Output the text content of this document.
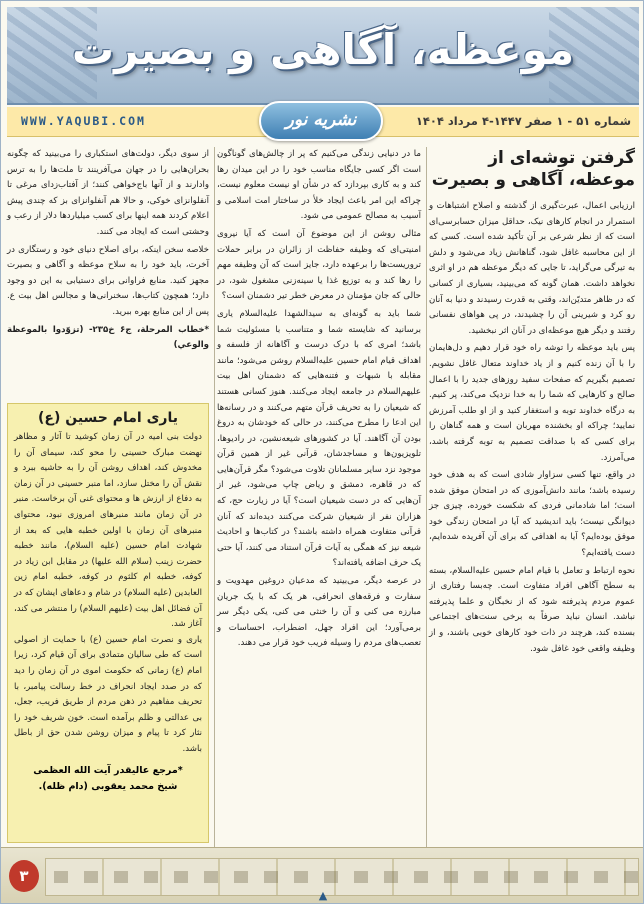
موعظه، آگاهی و بصیرت
شماره ۵۱ - ۱ صفر ۱۴۴۷-۴ مرداد ۱۴۰۴
WWW.YAQUBI.COM	نشریه نور
گرفتن توشه‌ای از موعظه، آگاهی و بصیرت

ارزیابی اعمال، عبرت‌گیری از گذشته و اصلاح اشتباهات و استمرار در انجام کارهای نیک، حداقل میزان حسابرسی‌ای است که از نظر شرعی بر آن تأکید شده است. کسی که از این محاسبه غافل شود، گناهانش زیاد می‌شود و دلش به تیرگی می‌گراید، تا جایی که دیگر موعظه هم در او اثری نخواهد داشت. همان گونه که می‌بینید، بسیاری از کسانی که در ظاهر متدیّن‌اند، وقتی به قدرت رسیدند و دنیا به آنان رو کرد و شیرینی آن را چشیدند، در پی هواهای نفسانی رفتند و دیگر هیچ موعظه‌ای در آنان اثر نبخشید.

پس باید موعظه را توشه راه خود قرار دهیم و دل‌هایمان را با آن زنده کنیم و از یاد خداوند متعال غافل نشویم. تصمیم بگیریم که صفحات سفید روزهای جدید را با اعمال صالح و کارهایی که شما را به خدا نزدیک می‌کند، پر کنیم. به درگاه خداوند توبه و استغفار کنید و از او طلب آمرزش نمایید؛ چراکه او بخشنده مهربان است و همه گناهان را برای کسی که با صداقت تصمیم به توبه گرفته باشد، می‌آمرزد.

در واقع، تنها کسی سزاوار شادی است که به هدف خود رسیده باشد؛ مانند دانش‌آموزی که در امتحان موفق شده است؛ اما شادمانی فردی که شکست خورده، چیزی جز دیوانگی نیست؛ باید اندیشید که آیا در امتحان زندگی خود موفق بوده‌ایم؟ آیا به اهدافی که برای آن آفریده شده‌ایم، دست یافته‌ایم؟

نحوه ارتباط و تعامل با قیام امام حسین علیه‌السلام، بسته به سطح آگاهی افراد متفاوت است. چه‌بسا رفتاری از عموم مردم پذیرفته شود که از نخبگان و علما پذیرفته نباشد. انسان نباید صرفاً به برخی سنت‌های اجتماعی بسنده کند، هرچند در ذات خود کارهای خوبی باشند، و از وظیفه واقعی خود غافل شود.

ما در دنیایی زندگی می‌کنیم که پر از چالش‌های گوناگون است اگر کسی جایگاه مناسب خود را در این میدان رها کند و به کاری بپردازد که در شأن او نیست معلوم نیست، چراکه این امر باعث ایجاد خلأ در ساختار امت اسلامی و آسیب به مصالح عمومی می شود.

مثالی روشن از این موضوع آن است که آیا نیروی امنیتی‌ای که وظیفه حفاظت از زائران در برابر حملات تروریست‌ها را برعهده دارد، جایز است که آن وظیفه مهم را رها کند و به توزیع غذا یا سینه‌زنی مشغول شود، در حالی که جان مؤمنان در معرض خطر تیر دشمنان است؟

شما باید به گونه‌ای به سیدالشهدا علیه‌السلام یاری برسانید که شایسته شما و متناسب با مسئولیت شما باشد؛ امری که با درک درست و آگاهانه از فلسفه و اهداف قیام امام حسین علیه‌السلام روشن می‌شود؛ مانند مقابله با شبهات و فتنه‌هایی که دشمنان اهل بیت علیهم‌السلام در جامعه ایجاد می‌کنند. هنوز کسانی هستند که شیعیان را به تحریف قرآن متهم می‌کنند و در رسانه‌ها این ادعا را مطرح می‌کنند، در حالی که خودشان به دروغ بودن آن آگاهند. آیا در کشورهای شیعه‌نشین، در رادیوها، تلویزیون‌ها و مساجدشان، قرآنی غیر از همین قرآن موجود نزد سایر مسلمانان تلاوت می‌شود؟ مگر قرآن‌هایی که در قاهره، دمشق و ریاض چاپ می‌شود، غیر از آن‌هایی که در دست شیعیان است؟ آیا در زیارت حج، که هزاران نفر از شیعیان شرکت می‌کنند دیده‌اند که آنان قرآنی متفاوت همراه داشته باشند؟ در کتاب‌ها و احادیث شیعه نیز که همگی به آیات قرآن استناد می کنند، آیا حتی یک حرف اضافه یافته‌اند؟

در عرصه دیگر، می‌بینید که مدعیان دروغین مهدویت و سفارت و فرقه‌های انحرافی، هر یک که با یک جریان مبارزه می کنی و آن را خنثی می کنی، یکی دیگر سر برمی‌آورد؛ این افراد جهل، اضطراب، احساسات و تعصب‌های مردم را وسیله فریب خود قرار می دهند.

از سوی دیگر، دولت‌های استکباری را می‌بینید که چگونه بحران‌هایی را در جهان می‌آفرینند تا ملت‌ها را به ترس وادارند و از آنها باج‌خواهی کنند؛ از آفتاب‌زدای مرغی تا آنفلوانزای خوکی، و حالا هم آنفلوانزای بز که چندی پیش اعلام کردند همه اینها برای کسب میلیاردها دلار از رعب و وحشتی است که ایجاد می کنند.

خلاصه سخن اینکه، برای اصلاح دنیای خود و رستگاری در آخرت، باید خود را به سلاح موعظه و آگاهی و بصیرت مجهز کنید. منابع فراوانی برای دستیابی به این دو وجود دارد؛ همچون کتاب‌ها، سخنرانی‌ها و مجالس اهل بیت ع. پس از این منابع بهره ببرید.

*خطاب المرحلة، ج۶ خ۲۳۵- (تزوّدوا بالموعظة والوعي)

یاری امام حسین (ع)

دولت بنی امیه در آن زمان کوشید تا آثار و مظاهر نهضت مبارک حسینی را محو کند، سیمای آن را مخدوش کند، اهداف روشن آن را به حاشیه ببرد و نقش آن را مختل سازد، اما منبر حسینی در آن زمان به دفاع از ارزش ها و محتوای غنی آن برخاست. منبر در آن زمان مانند منبرهای امروزی نبود، محتوای منبرهای آن زمان با اولین خطبه هایی که بعد از شهادت امام حسین (علیه السلام)، مانند خطبه حضرت زینب (سلام الله علیها) در مقابل ابن زیاد در کوفه، خطبه ام کلثوم در کوفه، خطبه امام زین العابدین (علیه السلام) در شام و دعاهای ایشان که در آن فضائل اهل بیت (علیهم السلام) را منتشر می کند، آغاز شد.

یاری و نصرت امام حسین (ع) با حمایت از اصولی است که طی سالیان متمادی برای آن قیام کرد، زیرا امام (ع) زمانی که حکومت اموی در آن زمان را دید که در صدد ایجاد انحراف در خط رسالت پیامبر، با تحریف مفاهیم در ذهن مردم از طریق فریب، جعل، بی عدالتی و ظلم برآمده است. خون شریف خود را نثار کرد تا پیام و میزان روشن شدن حق از باطل باشد.

*مرجع عالیقدر آیت الله العظمی
شیخ محمد یعقوبی (دام ظله).
۳
▲
